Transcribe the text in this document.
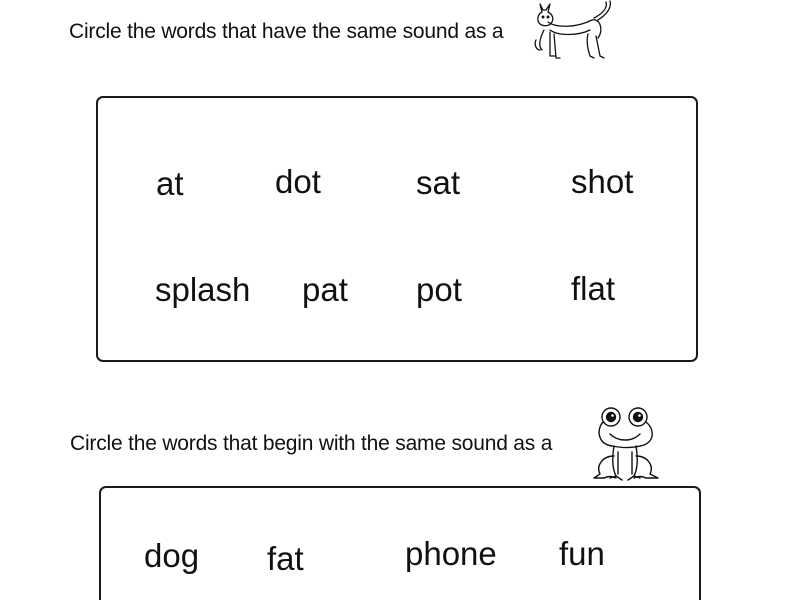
Circle the words that have the same sound as a
at	dot	sat	shot
splash pat pot	flat
Circle the words that begin with the same sound as a
dog fat	phone fun
